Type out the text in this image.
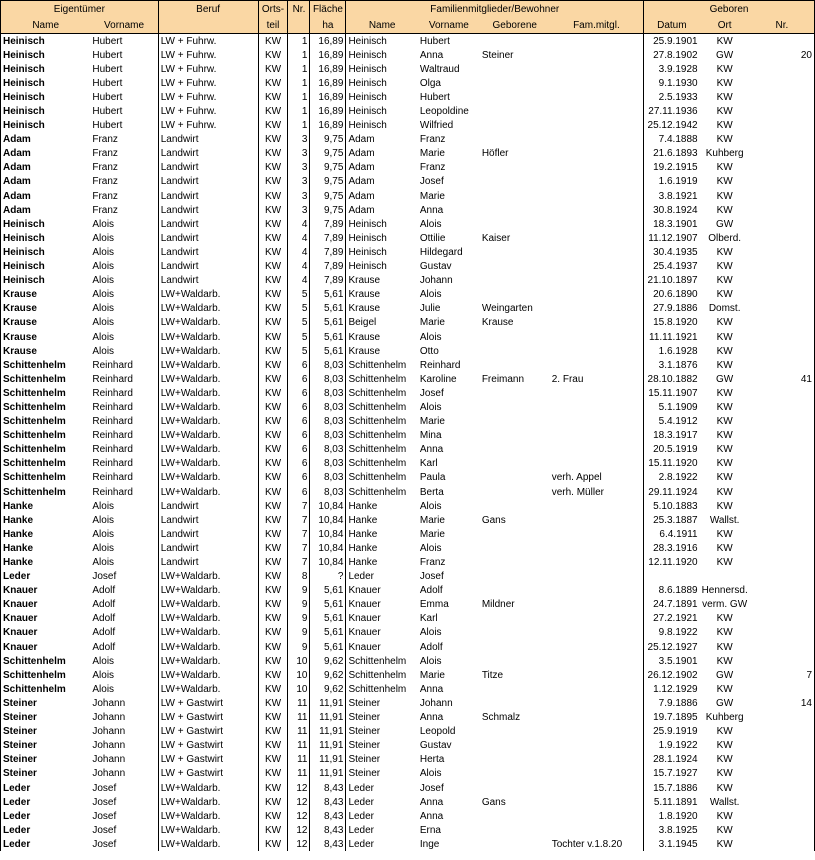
Eigentümer		Beruf	Orts-	Nr.	Fläche	Familienmitglieder/Bewohner				Geboren		
Name	Vorname		teil		ha	Name	Vorname	Geborene	Fam.mitgl.	Datum	Ort	Nr.
Heinisch	Hubert	LW + Fuhrw.	KW	1	16,89	Heinisch	Hubert			25.9.1901	KW	
Heinisch	Hubert	LW + Fuhrw.	KW	1	16,89	Heinisch	Anna	Steiner		27.8.1902	GW	20
Heinisch	Hubert	LW + Fuhrw.	KW	1	16,89	Heinisch	Waltraud			3.9.1928	KW	
Heinisch	Hubert	LW + Fuhrw.	KW	1	16,89	Heinisch	Olga			9.1.1930	KW	
Heinisch	Hubert	LW + Fuhrw.	KW	1	16,89	Heinisch	Hubert			2.5.1933	KW	
Heinisch	Hubert	LW + Fuhrw.	KW	1	16,89	Heinisch	Leopoldine			27.11.1936	KW	
Heinisch	Hubert	LW + Fuhrw.	KW	1	16,89	Heinisch	Wilfried			25.12.1942	KW	
Adam	Franz	Landwirt	KW	3	9,75	Adam	Franz			7.4.1888	KW	
Adam	Franz	Landwirt	KW	3	9,75	Adam	Marie	Höfler		21.6.1893	Kuhberg	
Adam	Franz	Landwirt	KW	3	9,75	Adam	Franz			19.2.1915	KW	
Adam	Franz	Landwirt	KW	3	9,75	Adam	Josef			1.6.1919	KW	
Adam	Franz	Landwirt	KW	3	9,75	Adam	Marie			3.8.1921	KW	
Adam	Franz	Landwirt	KW	3	9,75	Adam	Anna			30.8.1924	KW	
Heinisch	Alois	Landwirt	KW	4	7,89	Heinisch	Alois			18.3.1901	GW	
Heinisch	Alois	Landwirt	KW	4	7,89	Heinisch	Ottilie	Kaiser		11.12.1907	Olberd.	
Heinisch	Alois	Landwirt	KW	4	7,89	Heinisch	Hildegard			30.4.1935	KW	
Heinisch	Alois	Landwirt	KW	4	7,89	Heinisch	Gustav			25.4.1937	KW	
Heinisch	Alois	Landwirt	KW	4	7,89	Krause	Johann			21.10.1897	KW	
Krause	Alois	LW+Waldarb.	KW	5	5,61	Krause	Alois			20.6.1890	KW	
Krause	Alois	LW+Waldarb.	KW	5	5,61	Krause	Julie	Weingarten		27.9.1886	Domst.	
Krause	Alois	LW+Waldarb.	KW	5	5,61	Beigel	Marie	Krause		15.8.1920	KW	
Krause	Alois	LW+Waldarb.	KW	5	5,61	Krause	Alois			11.11.1921	KW	
Krause	Alois	LW+Waldarb.	KW	5	5,61	Krause	Otto			1.6.1928	KW	
Schittenhelm	Reinhard	LW+Waldarb.	KW	6	8,03	Schittenhelm	Reinhard			3.1.1876	KW	
Schittenhelm	Reinhard	LW+Waldarb.	KW	6	8,03	Schittenhelm	Karoline	Freimann	2. Frau	28.10.1882	GW	41
Schittenhelm	Reinhard	LW+Waldarb.	KW	6	8,03	Schittenhelm	Josef			15.11.1907	KW	
Schittenhelm	Reinhard	LW+Waldarb.	KW	6	8,03	Schittenhelm	Alois			5.1.1909	KW	
Schittenhelm	Reinhard	LW+Waldarb.	KW	6	8,03	Schittenhelm	Marie			5.4.1912	KW	
Schittenhelm	Reinhard	LW+Waldarb.	KW	6	8,03	Schittenhelm	Mina			18.3.1917	KW	
Schittenhelm	Reinhard	LW+Waldarb.	KW	6	8,03	Schittenhelm	Anna			20.5.1919	KW	
Schittenhelm	Reinhard	LW+Waldarb.	KW	6	8,03	Schittenhelm	Karl			15.11.1920	KW	
Schittenhelm	Reinhard	LW+Waldarb.	KW	6	8,03	Schittenhelm	Paula		verh. Appel	2.8.1922	KW	
Schittenhelm	Reinhard	LW+Waldarb.	KW	6	8,03	Schittenhelm	Berta		verh. Müller	29.11.1924	KW	
Hanke	Alois	Landwirt	KW	7	10,84	Hanke	Alois			5.10.1883	KW	
Hanke	Alois	Landwirt	KW	7	10,84	Hanke	Marie	Gans		25.3.1887	Wallst.	
Hanke	Alois	Landwirt	KW	7	10,84	Hanke	Marie			6.4.1911	KW	
Hanke	Alois	Landwirt	KW	7	10,84	Hanke	Alois			28.3.1916	KW	
Hanke	Alois	Landwirt	KW	7	10,84	Hanke	Franz			12.11.1920	KW	
Leder	Josef	LW+Waldarb.	KW	8	?	Leder	Josef					
Knauer	Adolf	LW+Waldarb.	KW	9	5,61	Knauer	Adolf			8.6.1889	Hennersd.	
Knauer	Adolf	LW+Waldarb.	KW	9	5,61	Knauer	Emma	Mildner		24.7.1891	verm. GW	
Knauer	Adolf	LW+Waldarb.	KW	9	5,61	Knauer	Karl			27.2.1921	KW	
Knauer	Adolf	LW+Waldarb.	KW	9	5,61	Knauer	Alois			9.8.1922	KW	
Knauer	Adolf	LW+Waldarb.	KW	9	5,61	Knauer	Adolf			25.12.1927	KW	
Schittenhelm	Alois	LW+Waldarb.	KW	10	9,62	Schittenhelm	Alois			3.5.1901	KW	
Schittenhelm	Alois	LW+Waldarb.	KW	10	9,62	Schittenhelm	Marie	Titze		26.12.1902	GW	7
Schittenhelm	Alois	LW+Waldarb.	KW	10	9,62	Schittenhelm	Anna			1.12.1929	KW	
Steiner	Johann	LW + Gastwirt	KW	11	11,91	Steiner	Johann			7.9.1886	GW	14
Steiner	Johann	LW + Gastwirt	KW	11	11,91	Steiner	Anna	Schmalz		19.7.1895	Kuhberg	
Steiner	Johann	LW + Gastwirt	KW	11	11,91	Steiner	Leopold			25.9.1919	KW	
Steiner	Johann	LW + Gastwirt	KW	11	11,91	Steiner	Gustav			1.9.1922	KW	
Steiner	Johann	LW + Gastwirt	KW	11	11,91	Steiner	Herta			28.1.1924	KW	
Steiner	Johann	LW + Gastwirt	KW	11	11,91	Steiner	Alois			15.7.1927	KW	
Leder	Josef	LW+Waldarb.	KW	12	8,43	Leder	Josef			15.7.1886	KW	
Leder	Josef	LW+Waldarb.	KW	12	8,43	Leder	Anna	Gans		5.11.1891	Wallst.	
Leder	Josef	LW+Waldarb.	KW	12	8,43	Leder	Anna			1.8.1920	KW	
Leder	Josef	LW+Waldarb.	KW	12	8,43	Leder	Erna			3.8.1925	KW	
Leder	Josef	LW+Waldarb.	KW	12	8,43	Leder	Inge		Tochter v.1.8.20	3.1.1945	KW	
